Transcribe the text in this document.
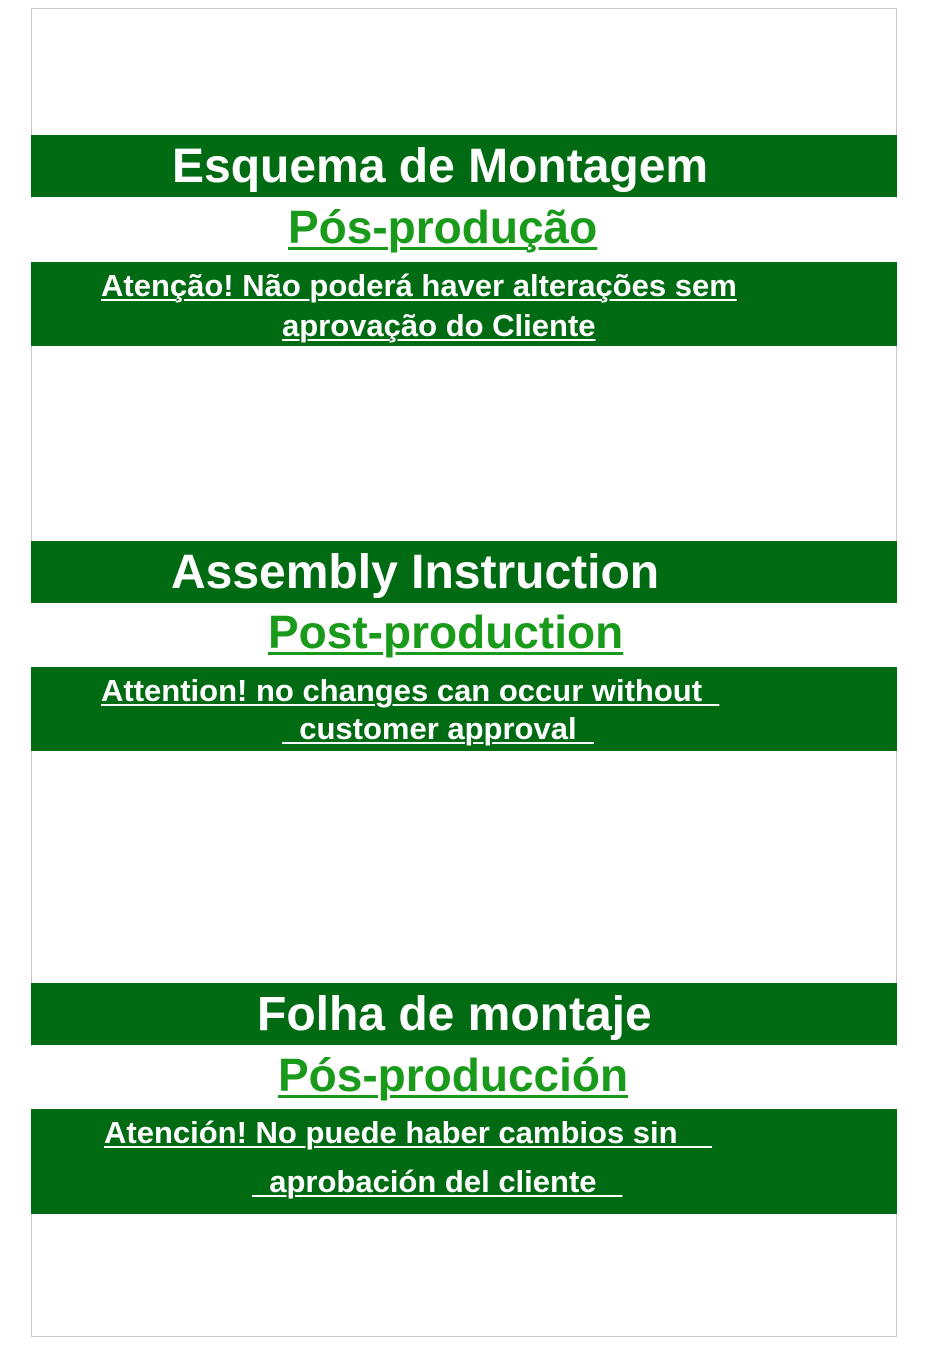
Esquema de Montagem
Pós-produção
Atenção! Não poderá haver alterações sem
aprovação do Cliente
Assembly Instruction
Post-production
Attention! no changes can occur without
customer approval
Folha de montaje
Pós-producción
Atención! No puede haber cambios sin
aprobación del cliente
